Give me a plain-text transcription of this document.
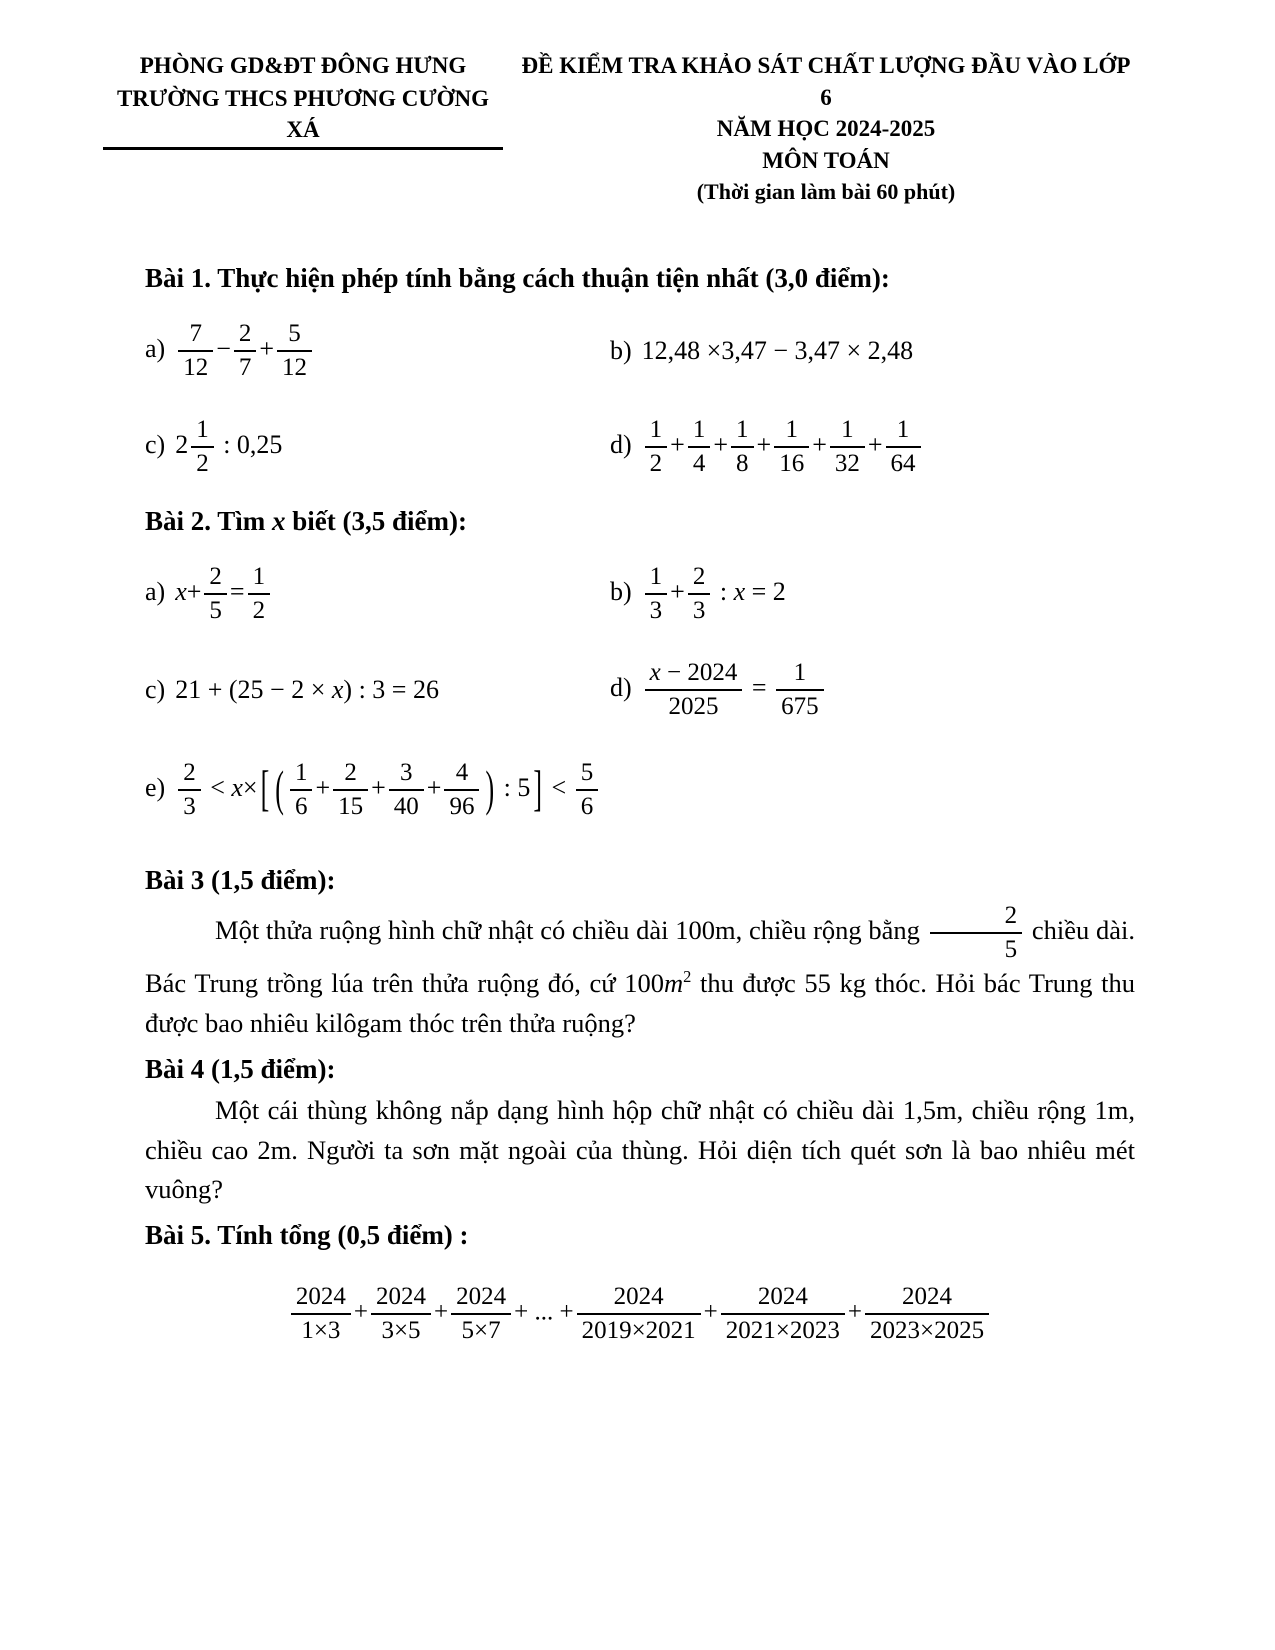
PHÒNG GD&ĐT ĐÔNG HƯNG
TRƯỜNG THCS PHƯƠNG CƯỜNG XÁ
ĐỀ KIỂM TRA KHẢO SÁT CHẤT LƯỢNG ĐẦU VÀO LỚP 6
NĂM HỌC 2024-2025
MÔN TOÁN
(Thời gian làm bài 60 phút)
Bài 1. Thực hiện phép tính bằng cách thuận tiện nhất (3,0 điểm):
$a) \frac{7}{12} - \frac{2}{7} + \frac{5}{12}$	b) 12,48 ×3,47 − 3,47 × 2,48
c) $2 \frac{1}{2}$ : 0,25	$d) \frac{1}{2} + \frac{1}{4} + \frac{1}{8} + \frac{1}{16} + \frac{1}{32} + \frac{1}{64}$
Bài 2. Tìm x biết (3,5 điểm):
a) $x+ \frac{2}{5} = \frac{1}{2}$	$b) \frac{1}{3} + \frac{2}{3}$ : x = 2
c) 21 + (25 − 2 × x) : 3 = 26	$d) \frac{x - 2024}{2025} = \frac{1}{675}$
$e) \frac{2}{3} < x\times$ [ ( $\frac{1}{6} + \frac{2}{15} + \frac{3}{40} + \frac{4}{96}$ ) : 5 ] < $\frac{5}{6}$
Bài 3 (1,5 điểm):
Một thửa ruộng hình chữ nhật có chiều dài 100m, chiều rộng bằng $\frac{2}{5}$ chiều dài. Bác Trung trồng lúa trên thửa ruộng đó, cứ $100m^2$ thu được 55 kg thóc. Hỏi bác Trung thu được bao nhiêu kilôgam thóc trên thửa ruộng?
Bài 4 (1,5 điểm):
Một cái thùng không nắp dạng hình hộp chữ nhật có chiều dài 1,5m, chiều rộng 1m, chiều cao 2m. Người ta sơn mặt ngoài của thùng. Hỏi diện tích quét sơn là bao nhiêu mét vuông?
Bài 5. Tính tổng (0,5 điểm) :
$\frac{2024}{1\times 3} + \frac{2024}{3\times 5} + \frac{2024}{5\times 7}$ + ... + $\frac{2024}{2019\times 2021} + \frac{2024}{2021\times 2023} + \frac{2024}{2023\times 2025}$
